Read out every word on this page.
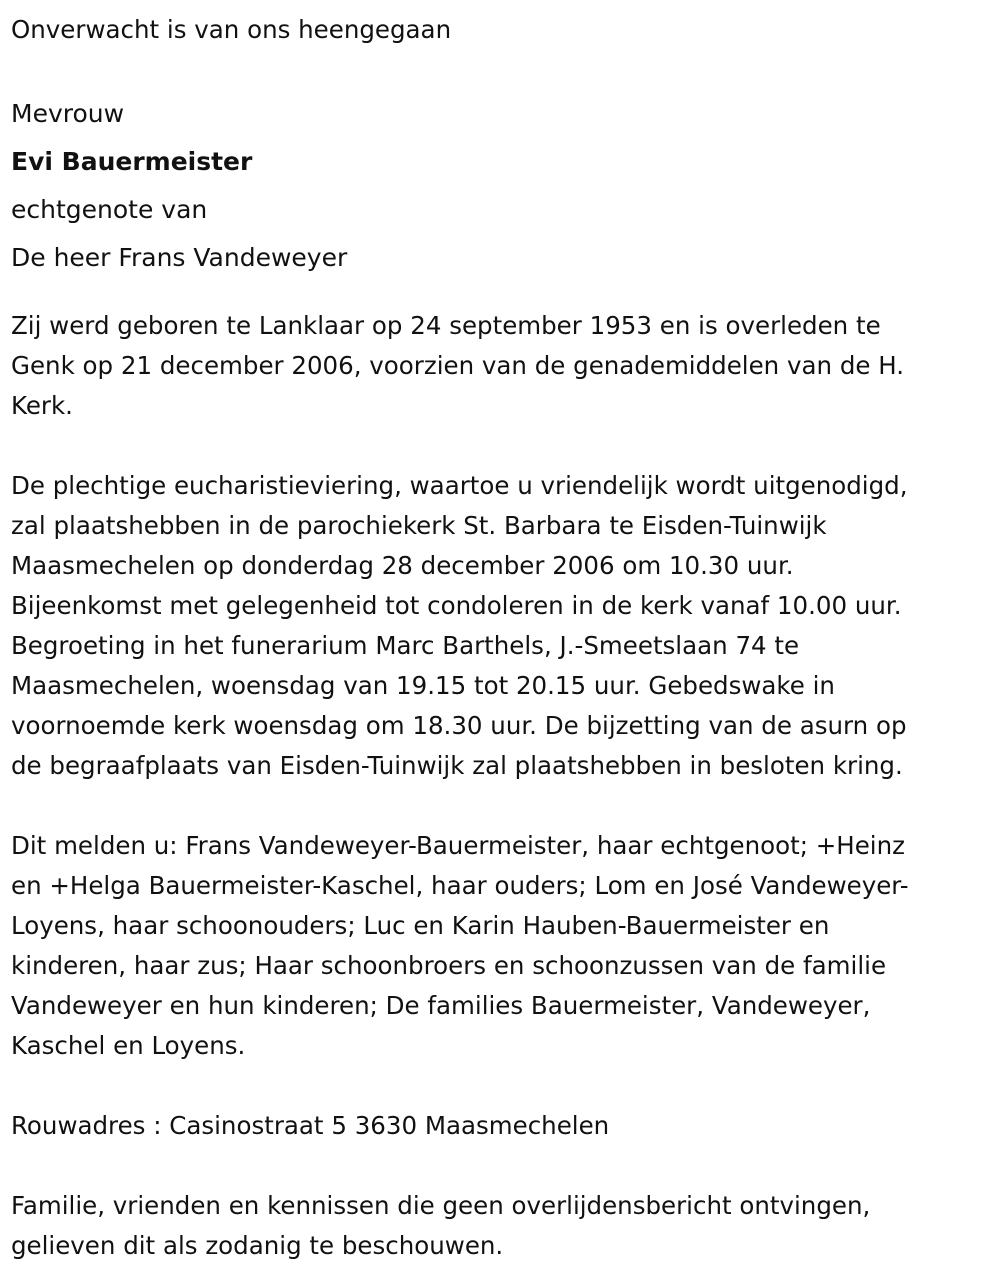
Onverwacht is van ons heengegaan

Mevrouw

Evi Bauermeister

echtgenote van

De heer Frans Vandeweyer

Zij werd geboren te Lanklaar op 24 september 1953 en is overleden te

Genk op 21 december 2006, voorzien van de genademiddelen van de H.

Kerk.

De plechtige eucharistieviering, waartoe u vriendelijk wordt uitgenodigd,

zal plaatshebben in de parochiekerk St. Barbara te Eisden-Tuinwijk

Maasmechelen op donderdag 28 december 2006 om 10.30 uur.

Bijeenkomst met gelegenheid tot condoleren in de kerk vanaf 10.00 uur.

Begroeting in het funerarium Marc Barthels, J.-Smeetslaan 74 te

Maasmechelen, woensdag van 19.15 tot 20.15 uur. Gebedswake in

voornoemde kerk woensdag om 18.30 uur. De bijzetting van de asurn op

de begraafplaats van Eisden-Tuinwijk zal plaatshebben in besloten kring.

Dit melden u: Frans Vandeweyer-Bauermeister, haar echtgenoot; +Heinz

en +Helga Bauermeister-Kaschel, haar ouders; Lom en José Vandeweyer-

Loyens, haar schoonouders; Luc en Karin Hauben-Bauermeister en

kinderen, haar zus; Haar schoonbroers en schoonzussen van de familie

Vandeweyer en hun kinderen; De families Bauermeister, Vandeweyer,

Kaschel en Loyens.

Rouwadres : Casinostraat 5 3630 Maasmechelen

Familie, vrienden en kennissen die geen overlijdensbericht ontvingen,

gelieven dit als zodanig te beschouwen.
